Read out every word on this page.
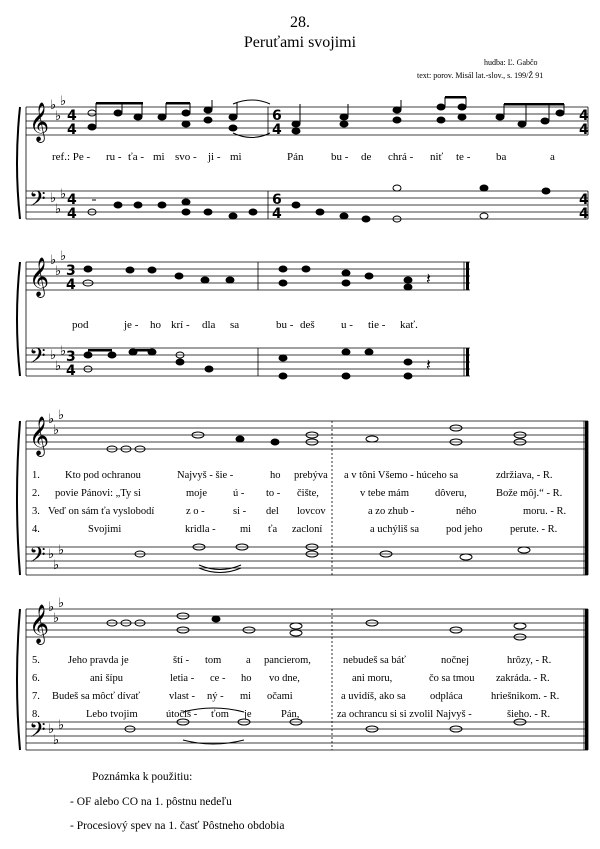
28.
Peruťami svojimi
hudba: Ľ. Gabčo
text: porov. Misál lat.-slov., s. 199/Ž 91
𝄞
𝄢
𝄞
𝄢
𝄞
𝄢
𝄞
𝄢
♭
♭
♭
♭
♭
♭
♭
♭
♭
♭
♭
♭
♭
♭
♭
♭
♭
♭
♭
♭
♭
♭
♭
♭
4
4
4
4
6
4
6
4
4
4
4
4
3
4
3
4
𝄽
𝄽
ref.: Pe - ru - ťa - mi svo - ji - mi	Pán	bu - de chrá - niť te - ba	a
pod	je - ho krí - dla sa	bu - deš u - tie - kať.
1. Kto pod ochranou	Najvyš - šie -	ho prebýva a v tôni Všemo - húceho sa	zdržiava, - R.
2. povie Pánovi: „Ty si	moje ú - to - čište,	v tebe mám dôveru,	Bože môj.“ - R.
3. Veď on sám ťa vyslobodí	z o -	si - del lovcov	a zo zhub -	ného	moru. - R.
4.	Svojimi	kridla - mi ťa zacloní	a uchýliš sa	pod jeho	perute. - R.
5.	Jeho pravda je	ští - tom a pancierom,	nebudeš sa báť	nočnej	hrôzy, - R.
6.	ani šípu	letia - ce - ho vo dne,	ani moru,	čo sa tmou zakráda. - R.
7. Budeš sa môcť dívať	vlast - ný - mi očami	a uvidíš, ako sa odpláca	hriešnikom. - R.
8.	Lebo tvojim	útočiš - ťom je	Pán,	za ochrancu si si zvolil Najvyš -	šieho. - R.
Poznámka k použitiu:
- OF alebo CO na 1. pôstnu nedeľu
- Procesiový spev na 1. časť Pôstneho obdobia
